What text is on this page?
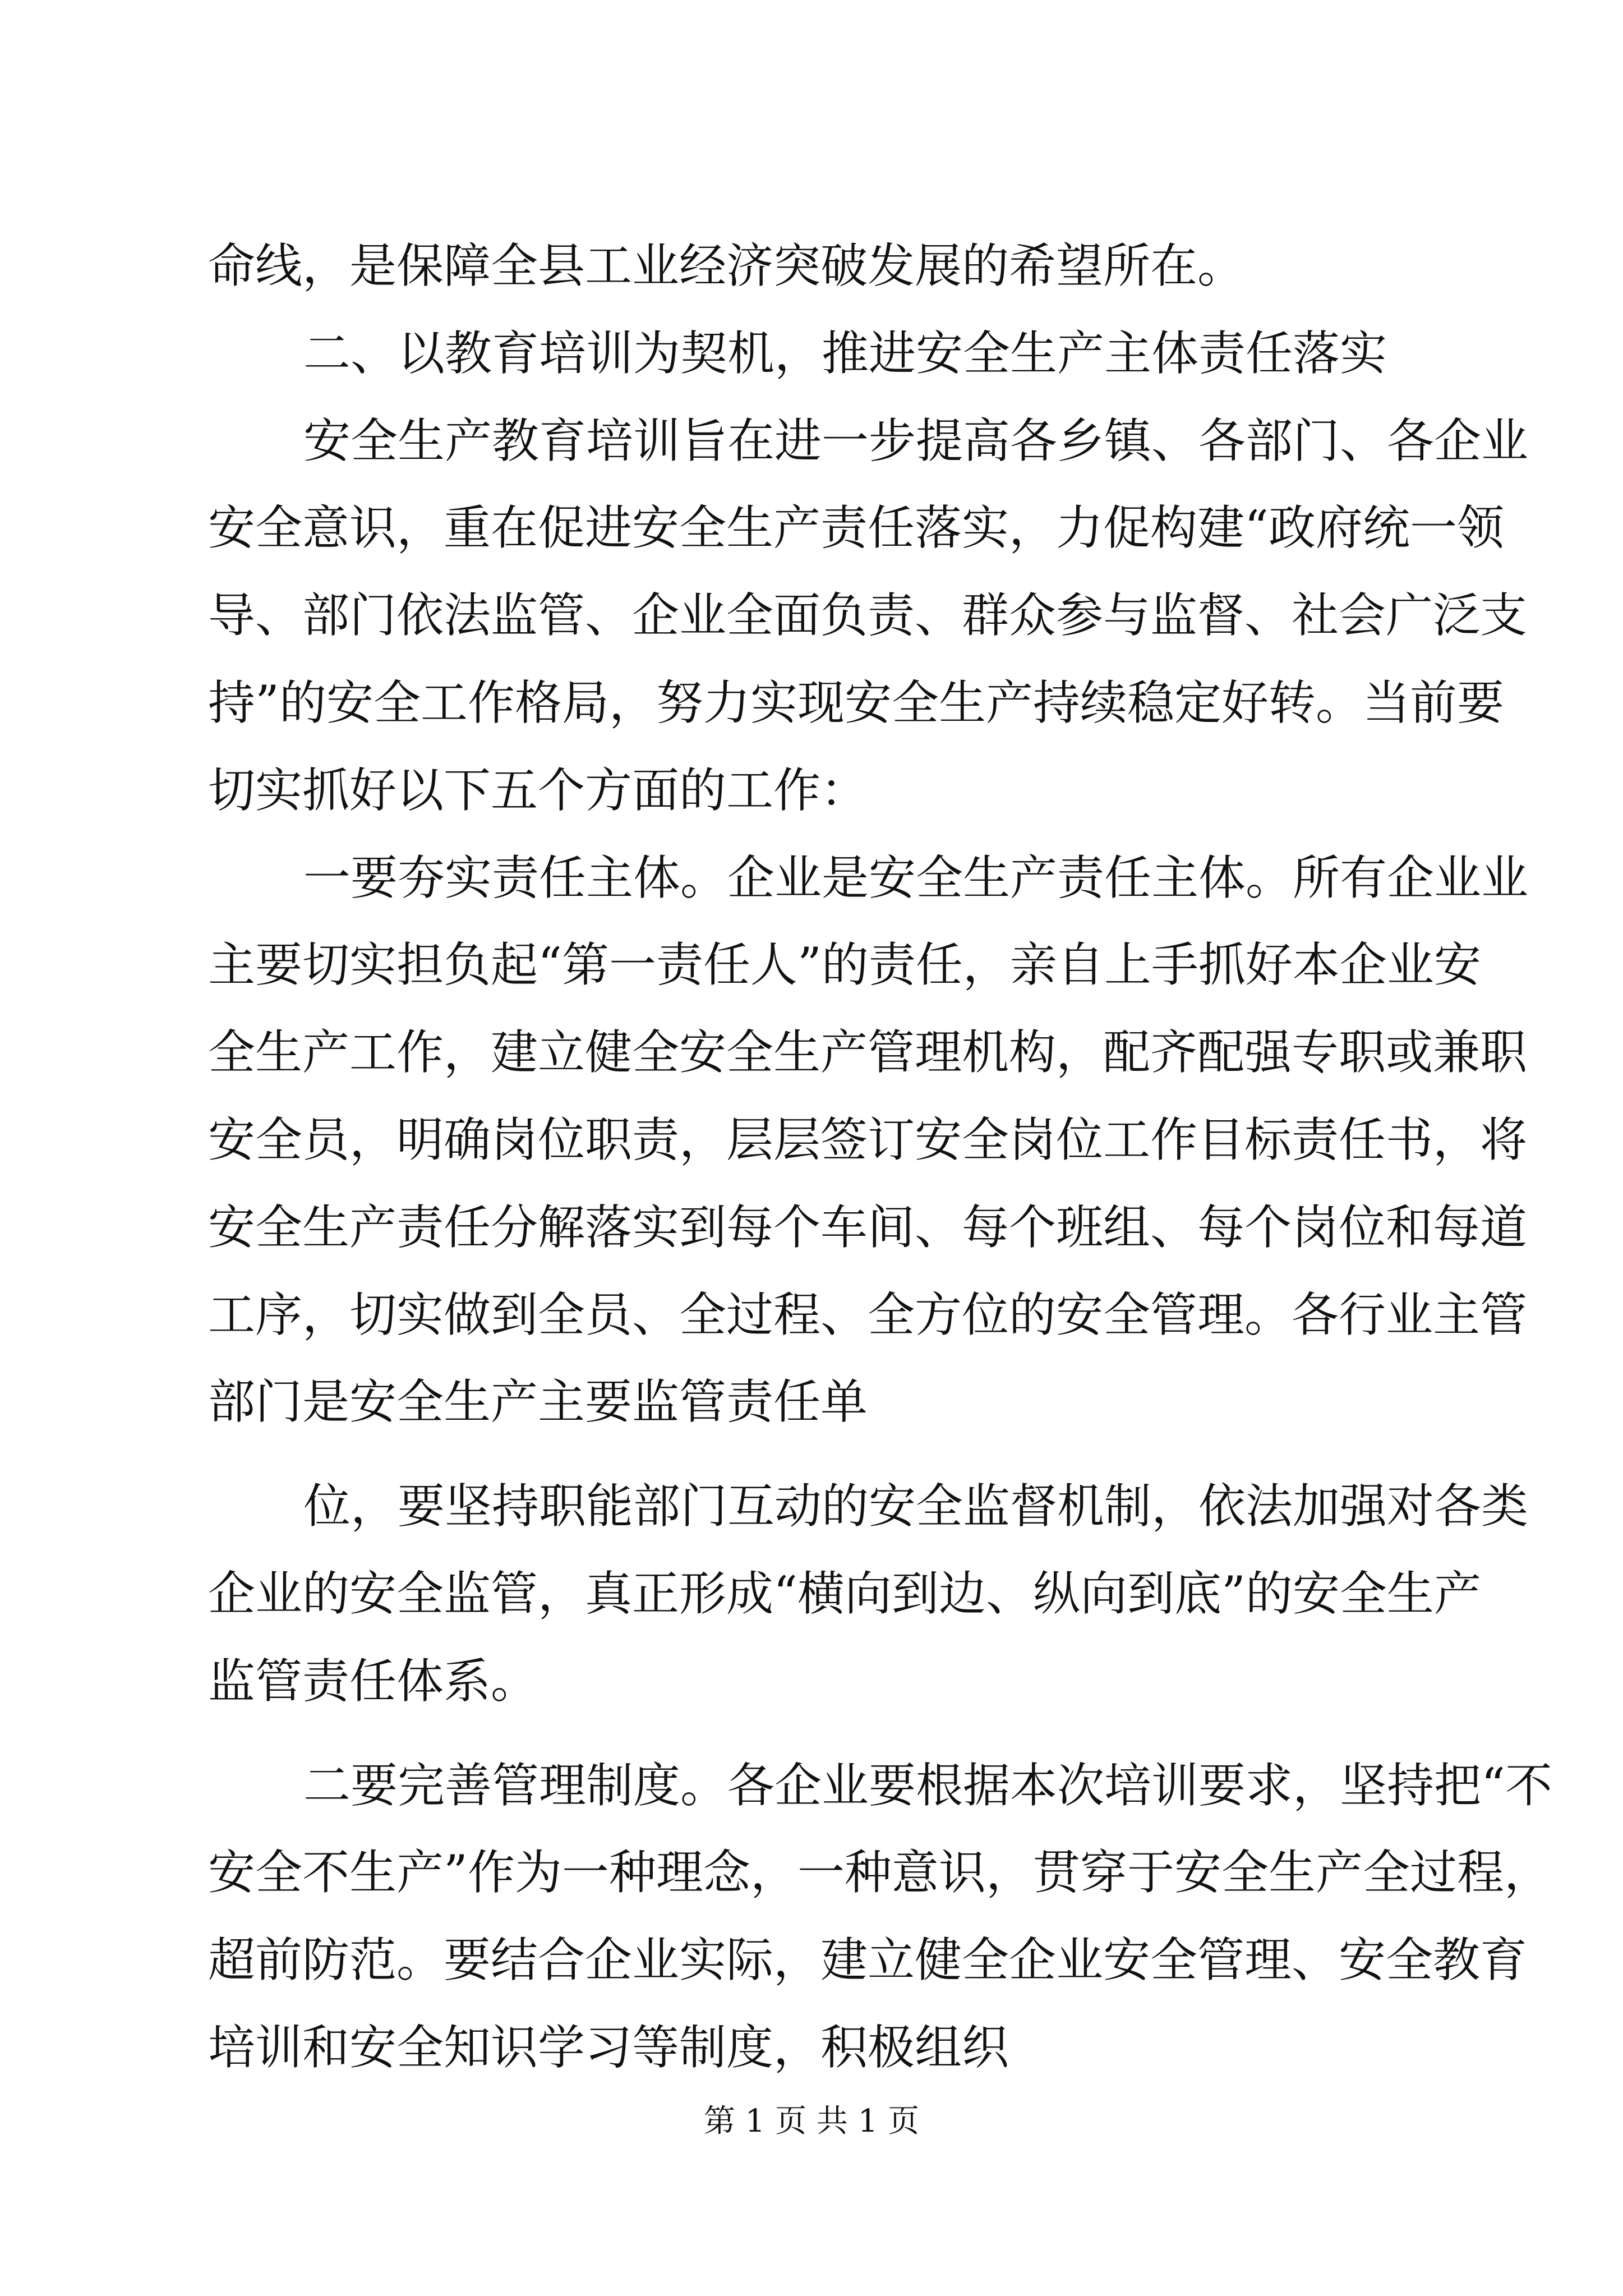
命线，是保障全县工业经济突破发展的希望所在。
二、以教育培训为契机，推进安全生产主体责任落实
安全生产教育培训旨在进一步提高各乡镇、各部门、各企业
安全意识，重在促进安全生产责任落实，力促构建“政府统一领
导、部门依法监管、企业全面负责、群众参与监督、社会广泛支
持”的安全工作格局，努力实现安全生产持续稳定好转。当前要
切实抓好以下五个方面的工作：
一要夯实责任主体。企业是安全生产责任主体。所有企业业
主要切实担负起“第一责任人”的责任，亲自上手抓好本企业安
全生产工作，建立健全安全生产管理机构，配齐配强专职或兼职
安全员，明确岗位职责，层层签订安全岗位工作目标责任书，将
安全生产责任分解落实到每个车间、每个班组、每个岗位和每道
工序，切实做到全员、全过程、全方位的安全管理。各行业主管
部门是安全生产主要监管责任单
位，要坚持职能部门互动的安全监督机制，依法加强对各类
企业的安全监管，真正形成“横向到边、纵向到底”的安全生产
监管责任体系。
二要完善管理制度。各企业要根据本次培训要求，坚持把“不
安全不生产”作为一种理念，一种意识，贯穿于安全生产全过程，
超前防范。要结合企业实际，建立健全企业安全管理、安全教育
培训和安全知识学习等制度，积极组织
第 1 页 共 1 页
